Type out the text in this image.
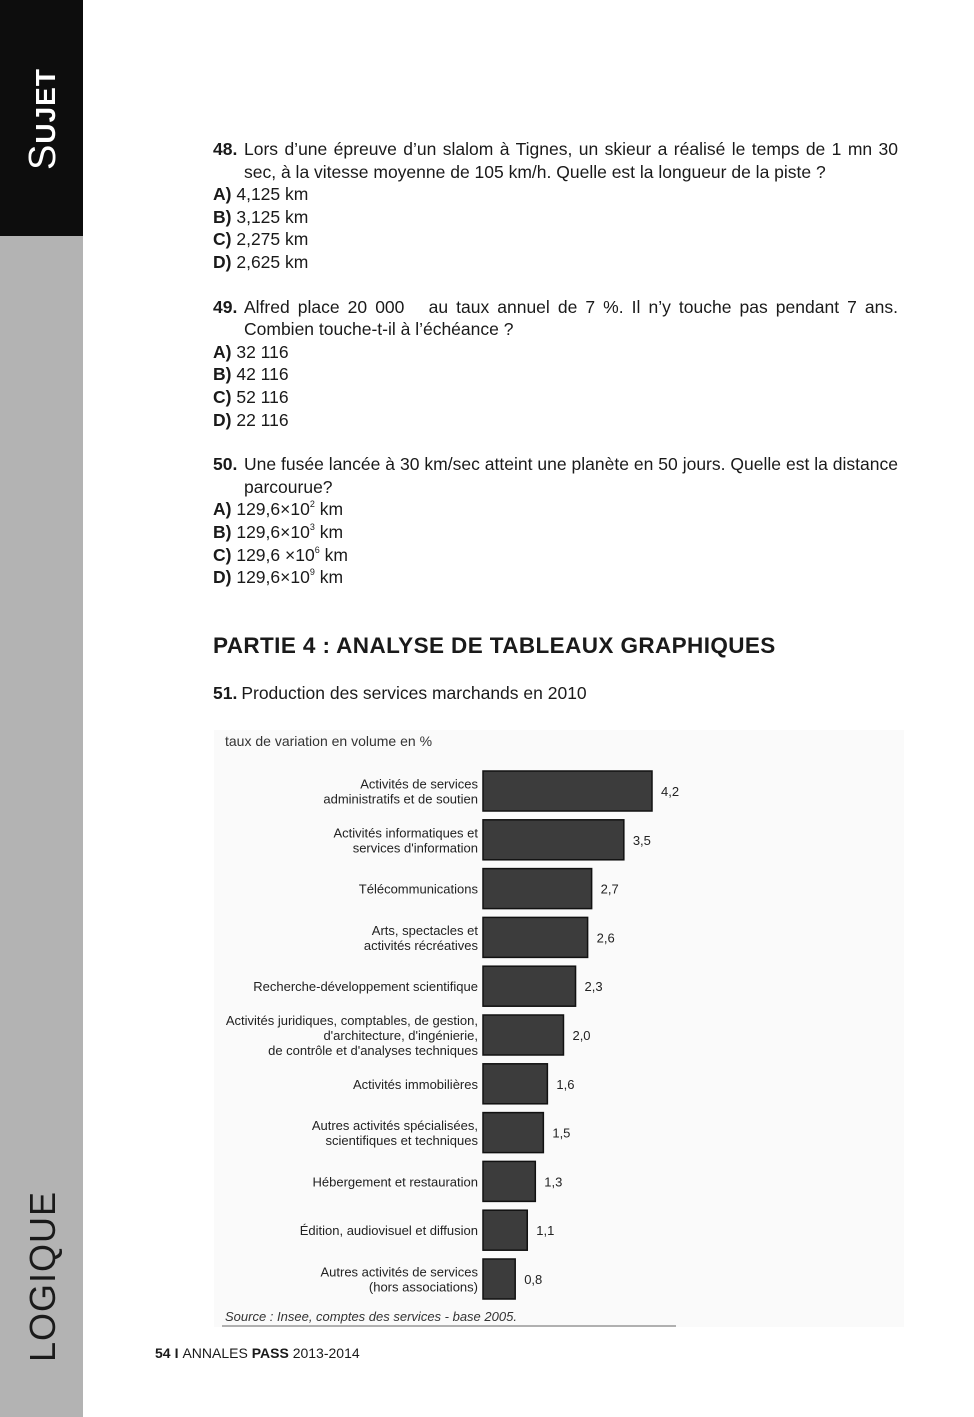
SUJET
LOGIQUE
48. Lors d’une épreuve d’un slalom à Tignes, un skieur a réalisé le temps de 1 mn 30 sec, à la vitesse moyenne de 105 km/h. Quelle est la longueur de la piste ?
A) 4,125 km
B) 3,125 km
C) 2,275 km
D) 2,625 km
49. Alfred place 20 000   au taux annuel de 7 %. Il n’y touche pas pendant 7 ans. Combien touche-t-il à l’échéance ?
A) 32 116
B) 42 116
C) 52 116
D) 22 116
50. Une fusée lancée à 30 km/sec atteint une planète en 50 jours. Quelle est la distance parcourue?
A) $129,6\times 10^2$ km
B) $129,6\times 10^3$ km
C) $129,6 \times 10^6$ km
D) $129,6\times 10^9$ km
PARTIE 4 : ANALYSE DE TABLEAUX GRAPHIQUES
51. Production des services marchands en 2010
taux de variation en volume en %
4,2
Activités de services administratifs et de soutien
3,5
Activités informatiques et services d'information
2,7
Télécommunications
2,6
Arts, spectacles et activités récréatives
2,3
Recherche-développement scientifique
2,0
Activités juridiques, comptables, de gestion, d'architecture, d'ingénierie, de contrôle et d'analyses techniques
1,6
Activités immobilières
1,5
Autres activités spécialisées, scientifiques et techniques
1,3
Hébergement et restauration
1,1
Édition, audiovisuel et diffusion
0,8
Autres activités de services (hors associations)
Source : Insee, comptes des services - base 2005.
54 I ANNALES PASS 2013-2014
